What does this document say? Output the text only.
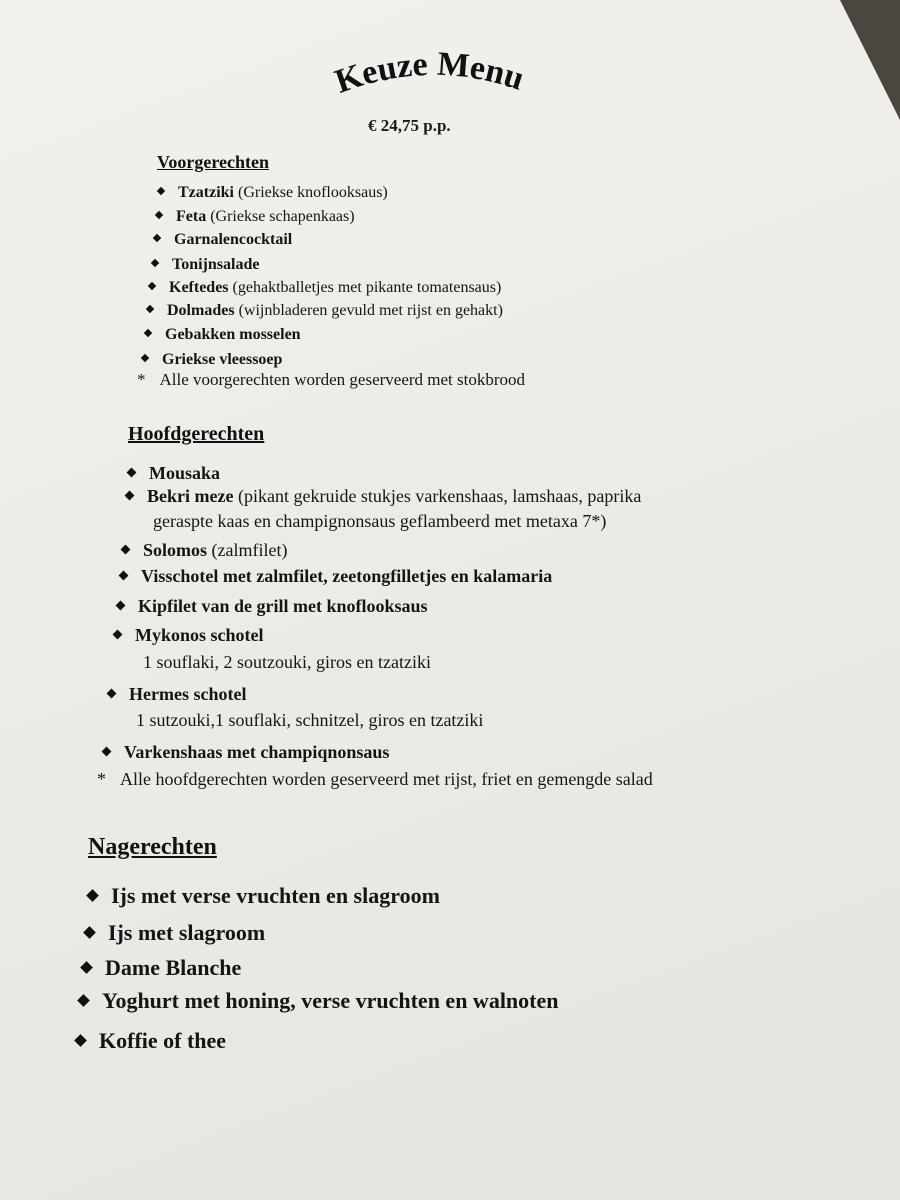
Keuze Menu
€ 24,75 p.p.
Voorgerechten
Tzatziki (Griekse knoflooksaus)
Feta (Griekse schapenkaas)
Garnalencocktail
Tonijnsalade
Keftedes (gehaktballetjes met pikante tomatensaus)
Dolmades (wijnbladeren gevuld met rijst en gehakt)
Gebakken mosselen
Griekse vleessoep
* Alle voorgerechten worden geserveerd met stokbrood
Hoofdgerechten
Mousaka
Bekri meze (pikant gekruide stukjes varkenshaas, lamshaas, paprika
geraspte kaas en champignonsaus geflambeerd met metaxa 7*)
Solomos (zalmfilet)
Visschotel met zalmfilet, zeetongfilletjes en kalamaria
Kipfilet van de grill met knoflooksaus
Mykonos schotel
1 souflaki, 2 soutzouki, giros en tzatziki
Hermes schotel
1 sutzouki,1 souflaki, schnitzel, giros en tzatziki
Varkenshaas met champiqnonsaus
* Alle hoofdgerechten worden geserveerd met rijst, friet en gemengde salad
Nagerechten
Ijs met verse vruchten en slagroom
Ijs met slagroom
Dame Blanche
Yoghurt met honing, verse vruchten en walnoten
Koffie of thee
